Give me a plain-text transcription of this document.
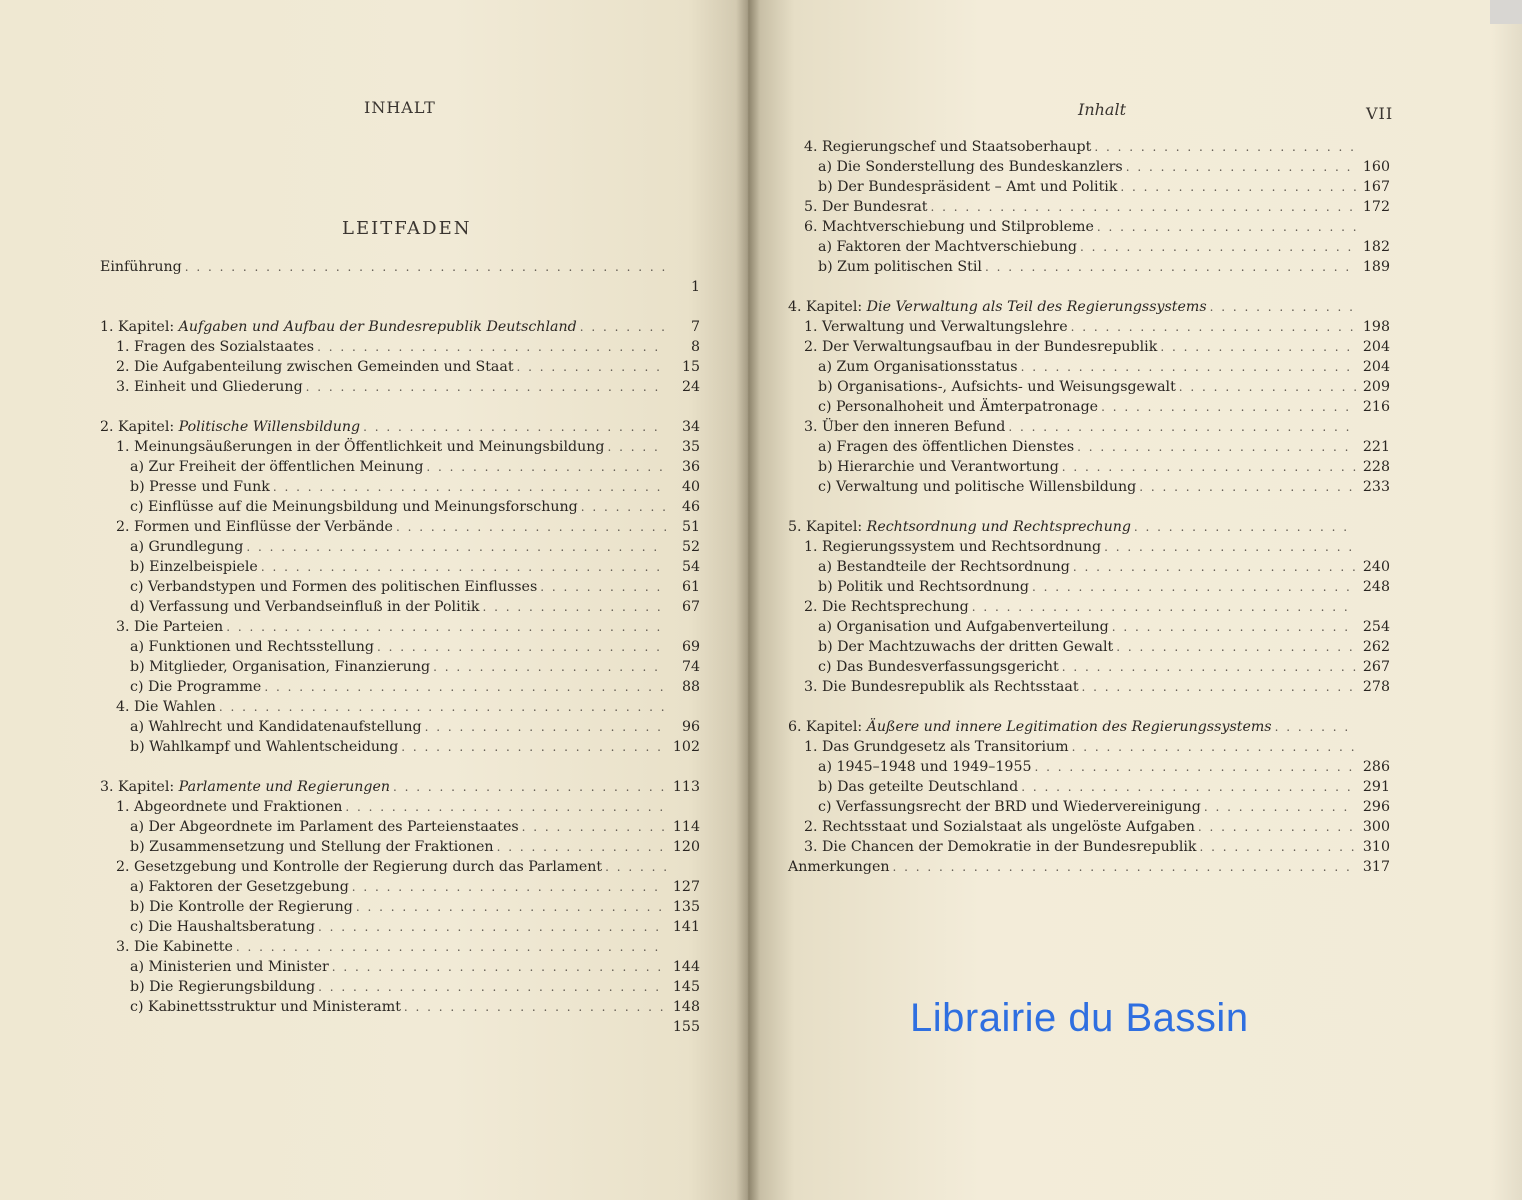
INHALT
LEITFADEN
Einführung
. . .
1
1. Kapitel: Aufgaben und Aufbau der Bundesrepublik Deutschland . . .	7
1. Fragen des Sozialstaates . . .	8
2. Die Aufgabenteilung zwischen Gemeinden und Staat . . .	15
3. Einheit und Gliederung . . .	24
2. Kapitel: Politische Willensbildung . . .	34
1. Meinungsäußerungen in der Öffentlichkeit und Meinungsbildung . . .	35
a) Zur Freiheit der öffentlichen Meinung . . .	36
b) Presse und Funk . . .	40
c) Einflüsse auf die Meinungsbildung und Meinungsforschung . . .	46
2. Formen und Einflüsse der Verbände . . .	51
a) Grundlegung . . .	52
b) Einzelbeispiele . . .	54
c) Verbandstypen und Formen des politischen Einflusses . . .	61
d) Verfassung und Verbandseinfluß in der Politik . . .	67
3. Die Parteien
. . .
a) Funktionen und Rechtsstellung . . .	69
b) Mitglieder, Organisation, Finanzierung . . .	74
c) Die Programme . . .	88
4. Die Wahlen
. . .
a) Wahlrecht und Kandidatenaufstellung . . .	96
b) Wahlkampf und Wahlentscheidung . . .	102
3. Kapitel: Parlamente und Regierungen . . .	113
1. Abgeordnete und Fraktionen
. . .
a) Der Abgeordnete im Parlament des Parteienstaates . . .	114
b) Zusammensetzung und Stellung der Fraktionen . . .	120
2. Gesetzgebung und Kontrolle der Regierung durch das Parlament
. . .
a) Faktoren der Gesetzgebung . . .	127
b) Die Kontrolle der Regierung . . .	135
c) Die Haushaltsberatung . . .	141
3. Die Kabinette
. . .
a) Ministerien und Minister . . .	144
b) Die Regierungsbildung . . .	145
c) Kabinettsstruktur und Ministeramt . . .	148
155
Inhalt	VII
4. Regierungschef und Staatsoberhaupt
. . .
a) Die Sonderstellung des Bundeskanzlers . . .	160
b) Der Bundespräsident – Amt und Politik . . .	167
5. Der Bundesrat . . .	172
6. Machtverschiebung und Stilprobleme
. . .
a) Faktoren der Machtverschiebung . . .	182
b) Zum politischen Stil . . .	189
4. Kapitel: Die Verwaltung als Teil des Regierungssystems
. . .
1. Verwaltung und Verwaltungslehre . . .	198
2. Der Verwaltungsaufbau in der Bundesrepublik . . .	204
a) Zum Organisationsstatus . . .	204
b) Organisations-, Aufsichts- und Weisungsgewalt . . .	209
c) Personalhoheit und Ämterpatronage . . .	216
3. Über den inneren Befund
. . .
a) Fragen des öffentlichen Dienstes . . .	221
b) Hierarchie und Verantwortung . . .	228
c) Verwaltung und politische Willensbildung . . .	233
5. Kapitel: Rechtsordnung und Rechtsprechung
. . .
1. Regierungssystem und Rechtsordnung
. . .
a) Bestandteile der Rechtsordnung . . .	240
b) Politik und Rechtsordnung . . .	248
2. Die Rechtsprechung
. . .
a) Organisation und Aufgabenverteilung . . .	254
b) Der Machtzuwachs der dritten Gewalt . . .	262
c) Das Bundesverfassungsgericht . . .	267
3. Die Bundesrepublik als Rechtsstaat . . .	278
6. Kapitel: Äußere und innere Legitimation des Regierungssystems
. . .
1. Das Grundgesetz als Transitorium
. . .
a) 1945–1948 und 1949–1955 . . .	286
b) Das geteilte Deutschland . . .	291
c) Verfassungsrecht der BRD und Wiedervereinigung . . .	296
2. Rechtsstaat und Sozialstaat als ungelöste Aufgaben . . .	300
3. Die Chancen der Demokratie in der Bundesrepublik . . .	310
Anmerkungen . . .	317
Librairie du Bassin
